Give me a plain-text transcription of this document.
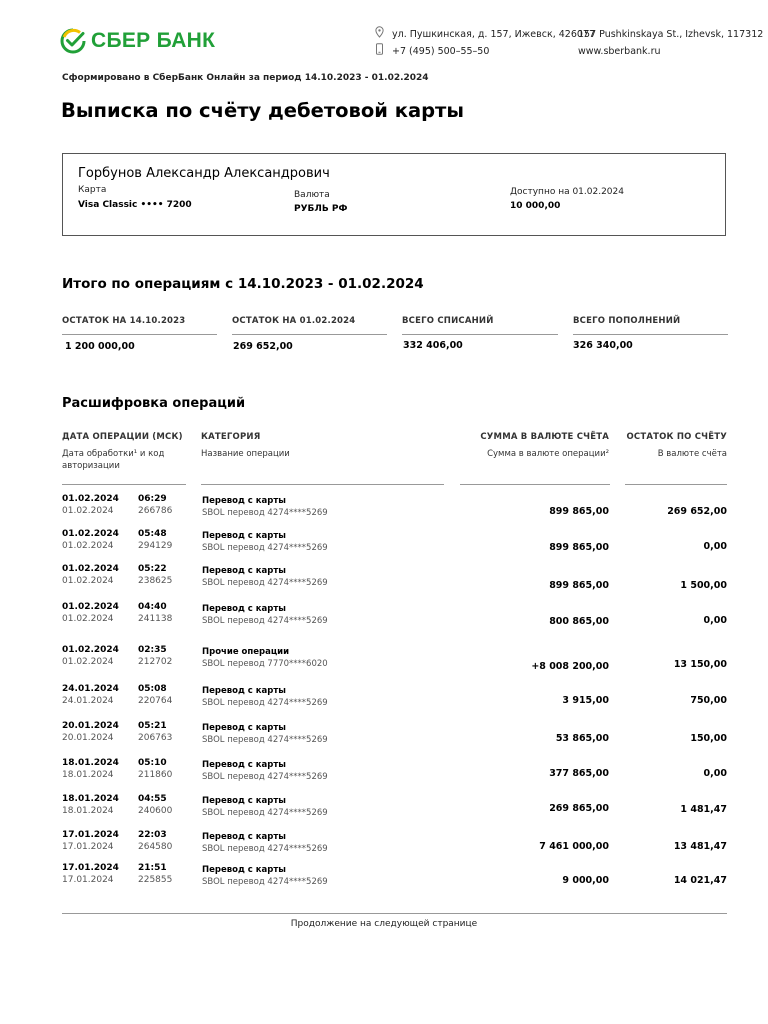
СБЕР БАНК	ул. Пушкинская, д. 157, Ижевск, 426077
157 Pushkinskaya St., Izhevsk, 117312
+7 (495) 500–55–50	www.sberbank.ru
Сформировано в СберБанк Онлайн за период 14.10.2023 - 01.02.2024
Выписка по счёту дебетовой карты
Горбунов Александр Александрович
Карта
Visa Classic •••• 7200
Валюта
РУБЛЬ РФ
Доступно на 01.02.2024
10 000,00
Итого по операциям с 14.10.2023 - 01.02.2024
ОСТАТОК НА 14.10.2023
1 200 000,00
ОСТАТОК НА 01.02.2024
269 652,00
ВСЕГО СПИСАНИЙ
332 406,00
ВСЕГО ПОПОЛНЕНИЙ
326 340,00
Расшифровка операций
ДАТА ОПЕРАЦИИ (МСК)
Дата обработки¹ и код авторизации
КАТЕГОРИЯ
Название операции
СУММА В ВАЛЮТЕ СЧЁТА
Сумма в валюте операции²
ОСТАТОК ПО СЧЁТУ
В валюте счёта
01.02.2024 06:29
01.02.2024	266786
Перевод с карты
SBOL перевод 4274****5269	899 865,00	269 652,00
01.02.2024 05:48
01.02.2024	294129
Перевод с карты
SBOL перевод 4274****5269	899 865,00	0,00
01.02.2024 05:22
01.02.2024	238625
Перевод с карты
SBOL перевод 4274****5269	899 865,00	1 500,00
01.02.2024 04:40
01.02.2024	241138
Перевод с карты
SBOL перевод 4274****5269	800 865,00	0,00
01.02.2024 02:35
01.02.2024	212702
Прочие операции
SBOL перевод 7770****6020	+8 008 200,00	13 150,00
24.01.2024 05:08
24.01.2024	220764
Перевод с карты
SBOL перевод 4274****5269	3 915,00	750,00
20.01.2024 05:21
20.01.2024	206763
Перевод с карты
SBOL перевод 4274****5269	53 865,00	150,00
18.01.2024 05:10
18.01.2024	211860
Перевод с карты
SBOL перевод 4274****5269	377 865,00	0,00
18.01.2024 04:55
18.01.2024	240600
Перевод с карты
SBOL перевод 4274****5269	269 865,00	1 481,47
17.01.2024 22:03
17.01.2024	264580
Перевод с карты
SBOL перевод 4274****5269	7 461 000,00	13 481,47
17.01.2024 21:51
17.01.2024	225855
Перевод с карты
SBOL перевод 4274****5269	9 000,00	14 021,47
Продолжение на следующей странице
